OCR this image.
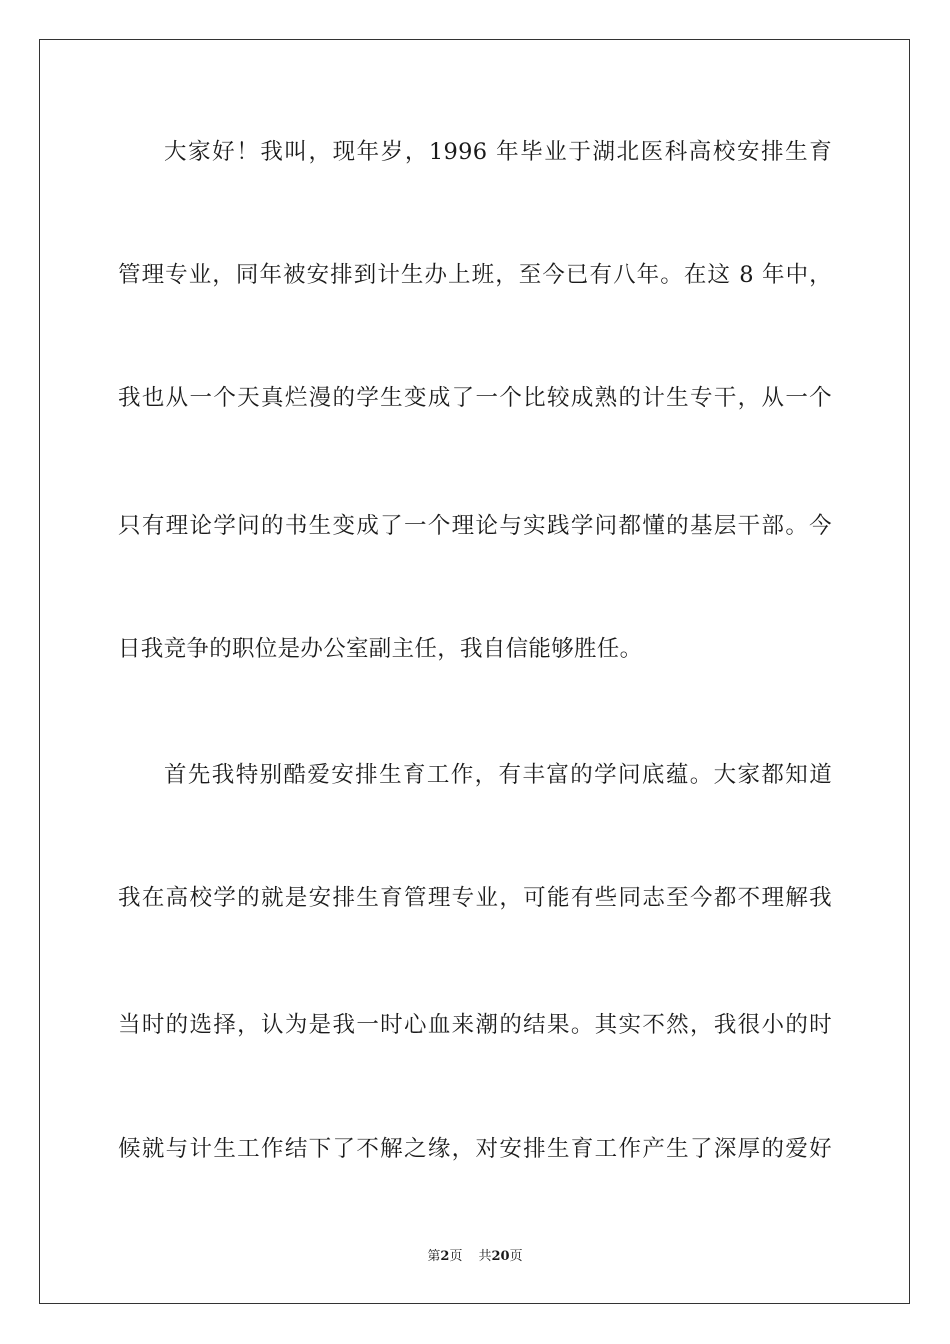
大家好！我叫，现年岁，1996 年毕业于湖北医科高校安排生育

管理专业，同年被安排到计生办上班，至今已有八年。在这 8 年中，

我也从一个天真烂漫的学生变成了一个比较成熟的计生专干，从一个

只有理论学问的书生变成了一个理论与实践学问都懂的基层干部。今

日我竞争的职位是办公室副主任，我自信能够胜任。

首先我特别酷爱安排生育工作，有丰富的学问底蕴。大家都知道

我在高校学的就是安排生育管理专业，可能有些同志至今都不理解我

当时的选择，认为是我一时心血来潮的结果。其实不然，我很小的时

候就与计生工作结下了不解之缘，对安排生育工作产生了深厚的爱好

第2页 共20页
